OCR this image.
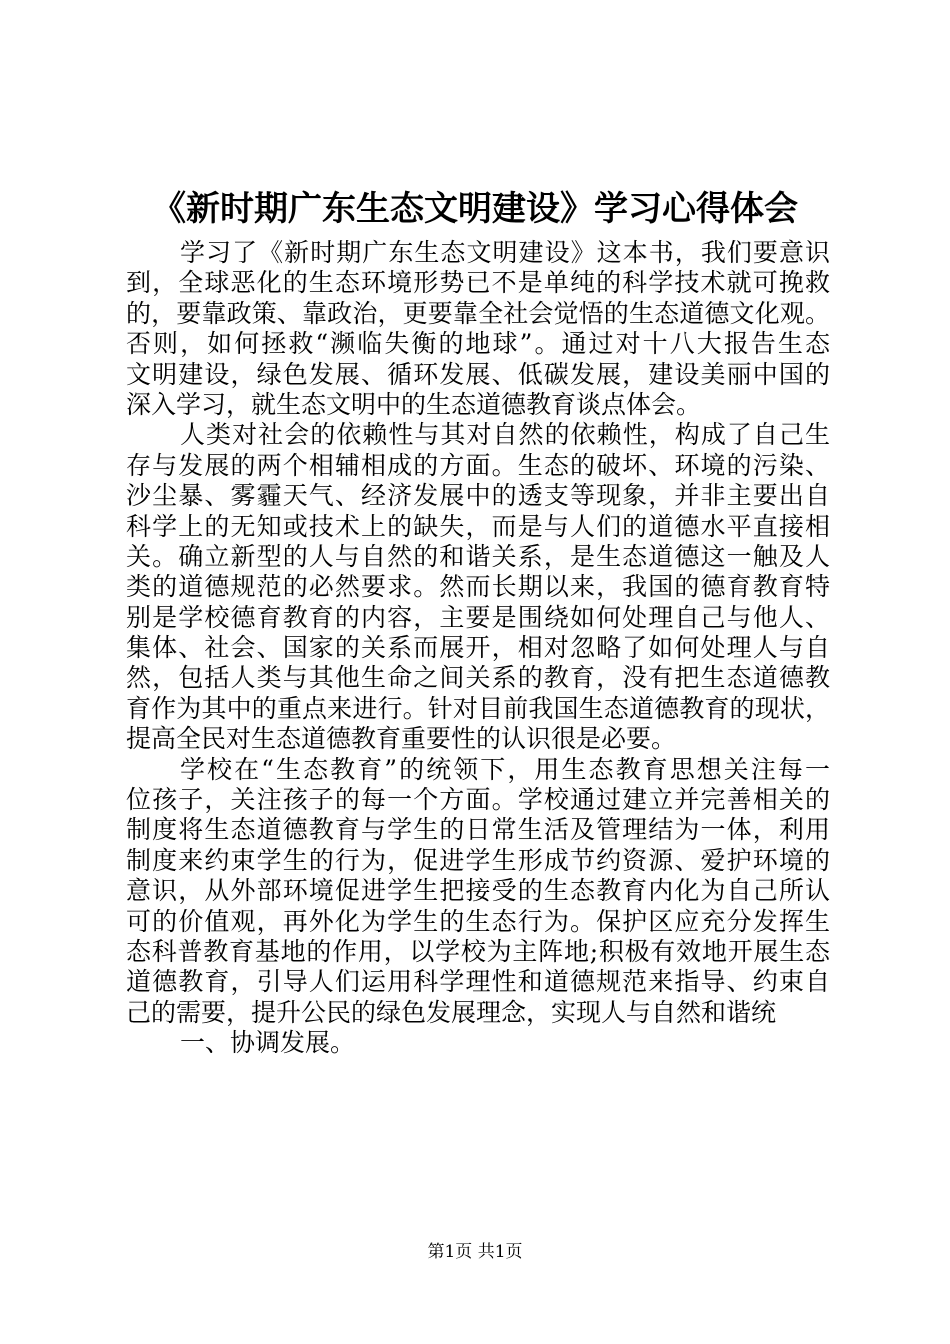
《新时期广东生态文明建设》学习心得体会

学习了《新时期广东生态文明建设》这本书，我们要意识
到，全球恶化的生态环境形势已不是单纯的科学技术就可挽救
的，要靠政策、靠政治，更要靠全社会觉悟的生态道德文化观。
否则，如何拯救“濒临失衡的地球”。通过对十八大报告生态
文明建设，绿色发展、循环发展、低碳发展，建设美丽中国的
深入学习，就生态文明中的生态道德教育谈点体会。

人类对社会的依赖性与其对自然的依赖性，构成了自己生
存与发展的两个相辅相成的方面。生态的破坏、环境的污染、
沙尘暴、雾霾天气、经济发展中的透支等现象，并非主要出自
科学上的无知或技术上的缺失，而是与人们的道德水平直接相
关。确立新型的人与自然的和谐关系，是生态道德这一触及人
类的道德规范的必然要求。然而长期以来，我国的德育教育特
别是学校德育教育的内容，主要是围绕如何处理自己与他人、
集体、社会、国家的关系而展开，相对忽略了如何处理人与自
然，包括人类与其他生命之间关系的教育，没有把生态道德教
育作为其中的重点来进行。针对目前我国生态道德教育的现状，
提高全民对生态道德教育重要性的认识很是必要。

学校在“生态教育”的统领下，用生态教育思想关注每一
位孩子，关注孩子的每一个方面。学校通过建立并完善相关的
制度将生态道德教育与学生的日常生活及管理结为一体，利用
制度来约束学生的行为，促进学生形成节约资源、爱护环境的
意识，从外部环境促进学生把接受的生态教育内化为自己所认
可的价值观，再外化为学生的生态行为。保护区应充分发挥生
态科普教育基地的作用，以学校为主阵地;积极有效地开展生态
道德教育，引导人们运用科学理性和道德规范来指导、约束自
己的需要，提升公民的绿色发展理念，实现人与自然和谐统

一、协调发展。

第1页 共1页
